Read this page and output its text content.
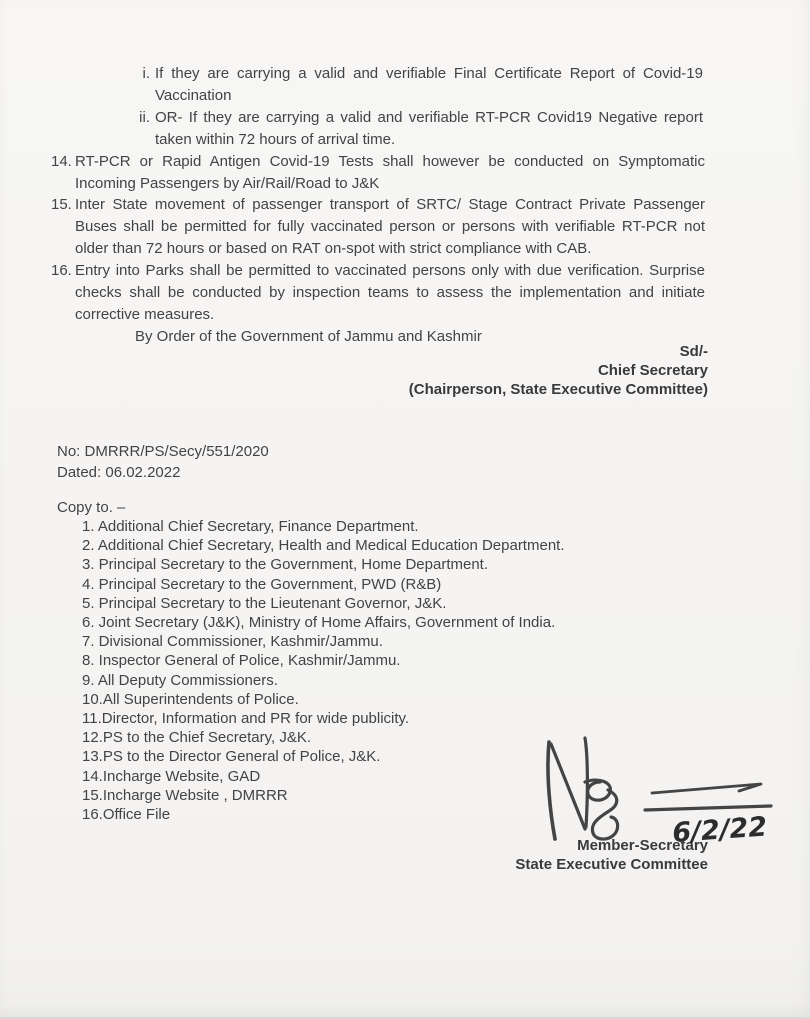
i. If they are carrying a valid and verifiable Final Certificate Report of Covid-19 Vaccination
ii. OR- If they are carrying a valid and verifiable RT-PCR Covid19 Negative report taken within 72 hours of arrival time.
14. RT-PCR or Rapid Antigen Covid-19 Tests shall however be conducted on Symptomatic Incoming Passengers by Air/Rail/Road to J&K
15. Inter State movement of passenger transport of SRTC/ Stage Contract Private Passenger Buses shall be permitted for fully vaccinated person or persons with verifiable RT-PCR not older than 72 hours or based on RAT on-spot with strict compliance with CAB.
16. Entry into Parks shall be permitted to vaccinated persons only with due verification. Surprise checks shall be conducted by inspection teams to assess the implementation and initiate corrective measures.
By Order of the Government of Jammu and Kashmir
Sd/-
Chief Secretary
(Chairperson, State Executive Committee)
No: DMRRR/PS/Secy/551/2020
Dated: 06.02.2022
Copy to. –
1. Additional Chief Secretary, Finance Department.
2. Additional Chief Secretary, Health and Medical Education Department.
3. Principal Secretary to the Government, Home Department.
4. Principal Secretary to the Government, PWD (R&B)
5. Principal Secretary to the Lieutenant Governor, J&K.
6. Joint Secretary (J&K), Ministry of Home Affairs, Government of India.
7. Divisional Commissioner, Kashmir/Jammu.
8. Inspector General of Police, Kashmir/Jammu.
9. All Deputy Commissioners.
10.All Superintendents of Police.
11.Director, Information and PR for wide publicity.
12.PS to the Chief Secretary, J&K.
13.PS to the Director General of Police, J&K.
14.Incharge Website, GAD
15.Incharge Website , DMRRR
16.Office File	6/2/22
Member-Secretary
State Executive Committee
